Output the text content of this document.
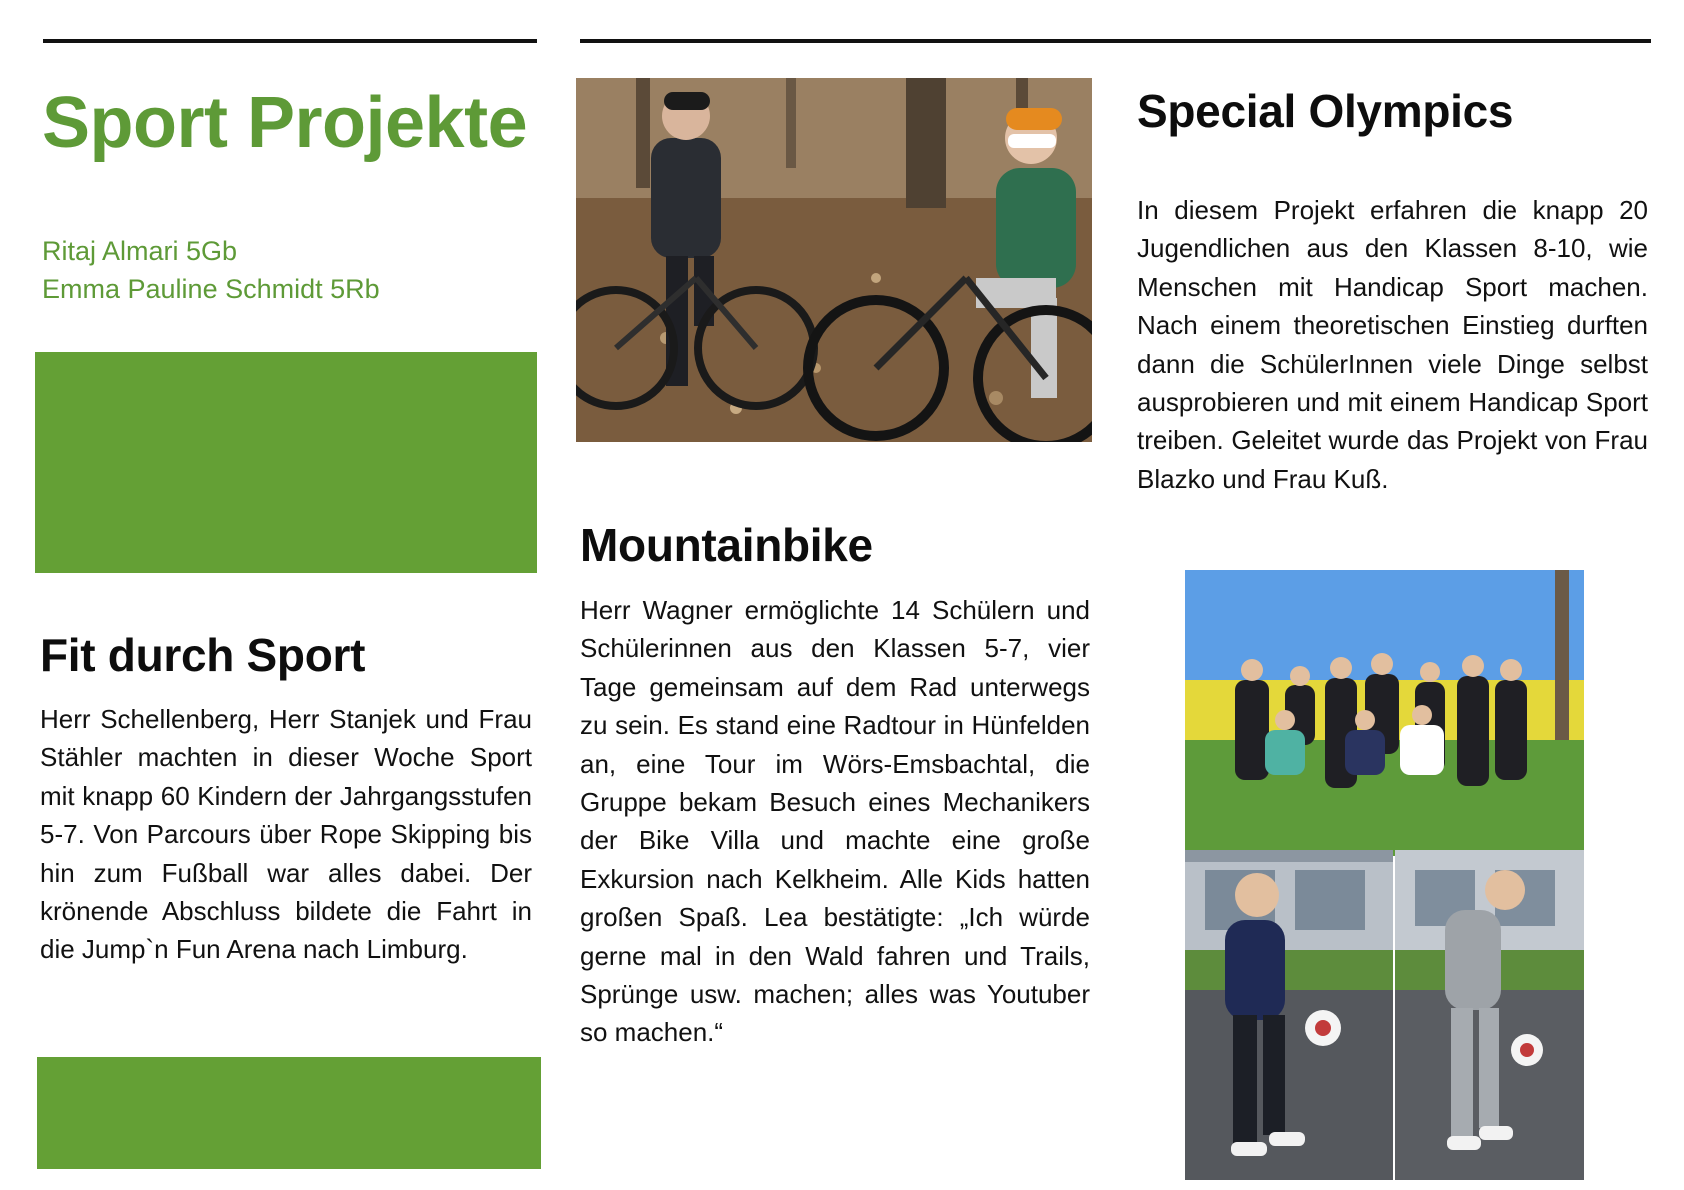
Sport Projekte
Ritaj Almari 5Gb
Emma Pauline Schmidt 5Rb
Fit durch Sport

Herr Schellenberg, Herr Stanjek und Frau Stähler machten in dieser Woche Sport mit knapp 60 Kindern der Jahrgangsstufen 5-7. Von Parcours über Rope Skipping bis hin zum Fußball war alles dabei. Der krönende Abschluss bildete die Fahrt in die Jump`n Fun Arena nach Limburg.

Mountainbike

Herr Wagner ermöglichte 14 Schülern und Schülerinnen aus den Klassen 5-7, vier Tage gemeinsam auf dem Rad unterwegs zu sein. Es stand eine Radtour in Hünfelden an, eine Tour im Wörs-Emsbachtal, die Gruppe bekam Besuch eines Mechanikers der Bike Villa und machte eine große Exkursion nach Kelkheim. Alle Kids hatten großen Spaß. Lea bestätigte: „Ich würde gerne mal in den Wald fahren und Trails, Sprünge usw. machen; alles was Youtuber so machen.“

Special Olympics

In diesem Projekt erfahren die knapp 20 Jugendlichen aus den Klassen 8-10, wie Menschen mit Handicap Sport machen. Nach einem theoretischen Einstieg durften dann die SchülerInnen viele Dinge selbst ausprobieren und mit einem Handicap Sport treiben. Geleitet wurde das Projekt von Frau Blazko und Frau Kuß.
